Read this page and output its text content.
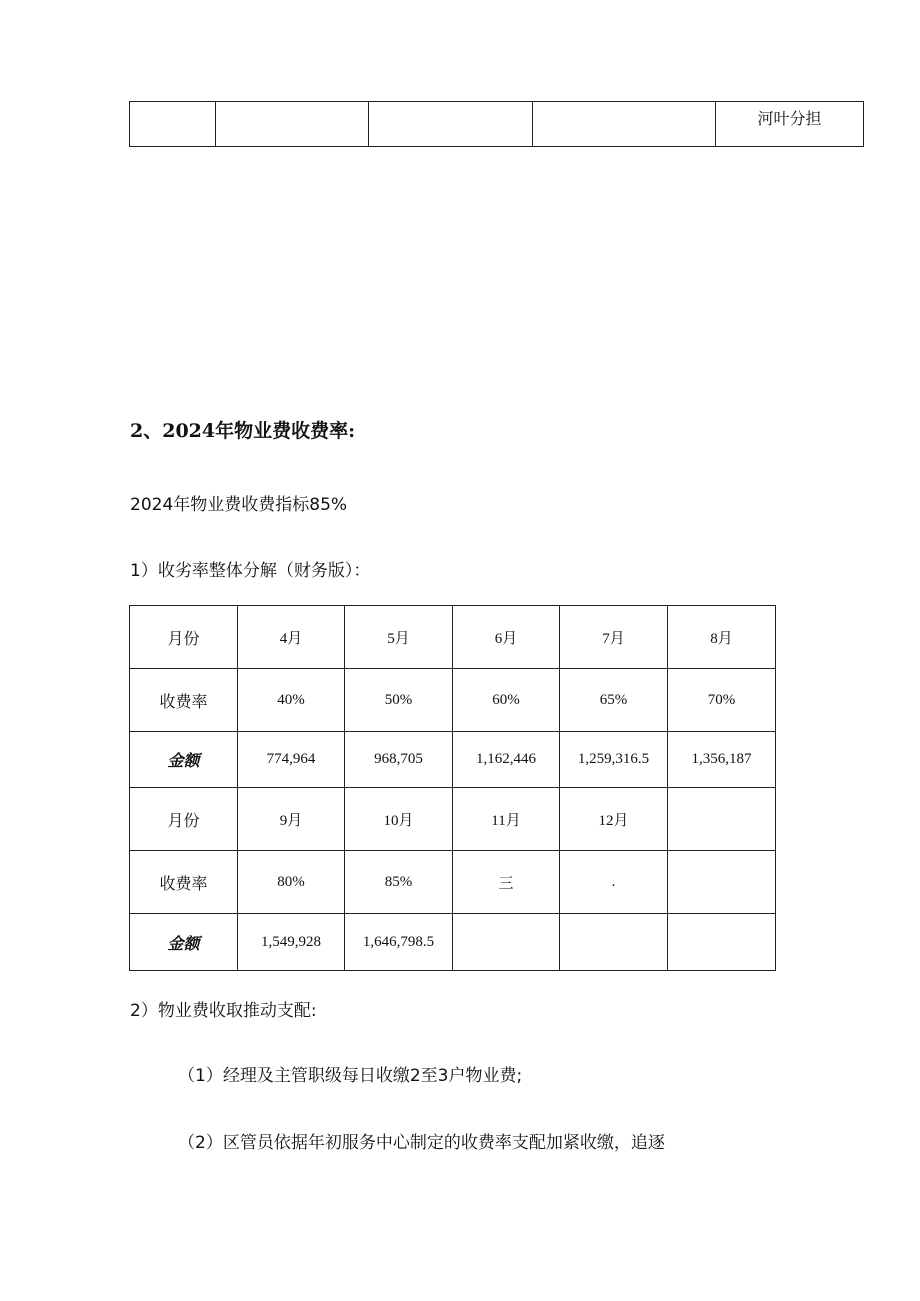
河叶分担
2、2024年物业费收费率:
2024年物业费收费指标85%
1）收劣率整体分解（财务版）：
月份	4月	5月	6月	7月	8月
收费率	40%	50%	60%	65%	70%
金额	774,964	968,705	1,162,446	1,259,316.5	1,356,187
月份	9月	10月	11月	12月	
收费率	80%	85%	三	.	
金额	1,549,928	1,646,798.5			
2）物业费收取推动支配:
（1）经理及主管职级每日收缴2至3户物业费;
（2）区管员依据年初服务中心制定的收费率支配加紧收缴，追逐
